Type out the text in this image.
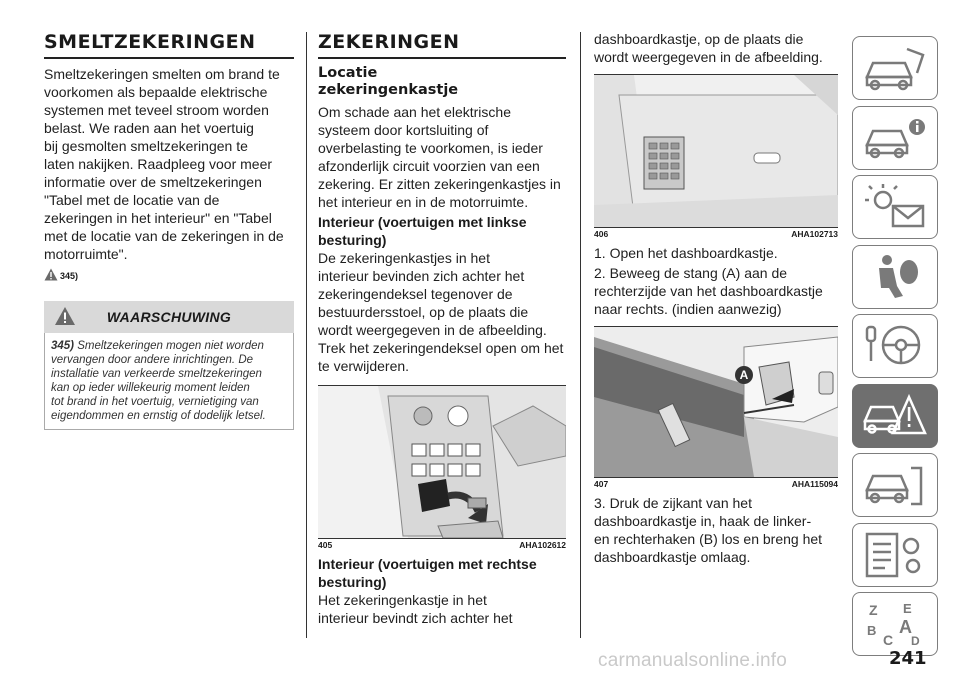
SMELTZEKERINGEN

Smeltzekeringen smelten om brand te

voorkomen als bepaalde elektrische

systemen met teveel stroom worden

belast. We raden aan het voertuig

bij gesmolten smeltzekeringen te

laten nakijken. Raadpleeg voor meer

informatie over de smeltzekeringen

"Tabel met de locatie van de

zekeringen in het interieur" en "Tabel

met de locatie van de zekeringen in de

motorruimte".

345)
WAARSCHUWING
345) Smeltzekeringen mogen niet worden
vervangen door andere inrichtingen. De
installatie van verkeerde smeltzekeringen
kan op ieder willekeurig moment leiden
tot brand in het voertuig, vernietiging van
eigendommen en ernstig of dodelijk letsel.
ZEKERINGEN
Locatie
zekeringenkastje

Om schade aan het elektrische

systeem door kortsluiting of

overbelasting te voorkomen, is ieder

afzonderlijk circuit voorzien van een

zekering. Er zitten zekeringenkastjes in

het interieur en in de motorruimte.

Interieur (voertuigen met linkse
besturing)

De zekeringenkastjes in het

interieur bevinden zich achter het

zekeringendeksel tegenover de

bestuurdersstoel, op de plaats die

wordt weergegeven in de afbeelding.

Trek het zekeringendeksel open om het

te verwijderen.

405	AHA102612
Interieur (voertuigen met rechtse
besturing)

Het zekeringenkastje in het

interieur bevindt zich achter het

dashboardkastje, op de plaats die

wordt weergegeven in de afbeelding.

406	AHA102713

1. Open het dashboardkastje.

2. Beweeg de stang (A) aan de

rechterzijde van het dashboardkastje

naar rechts. (indien aanwezig)

A
407	AHA115094

3. Druk de zijkant van het

dashboardkastje in, haak de linker-

en rechterhaken (B) los en breng het

dashboardkastje omlaag.

Z E
B
C
A
D
241
carmanualsonline.info
